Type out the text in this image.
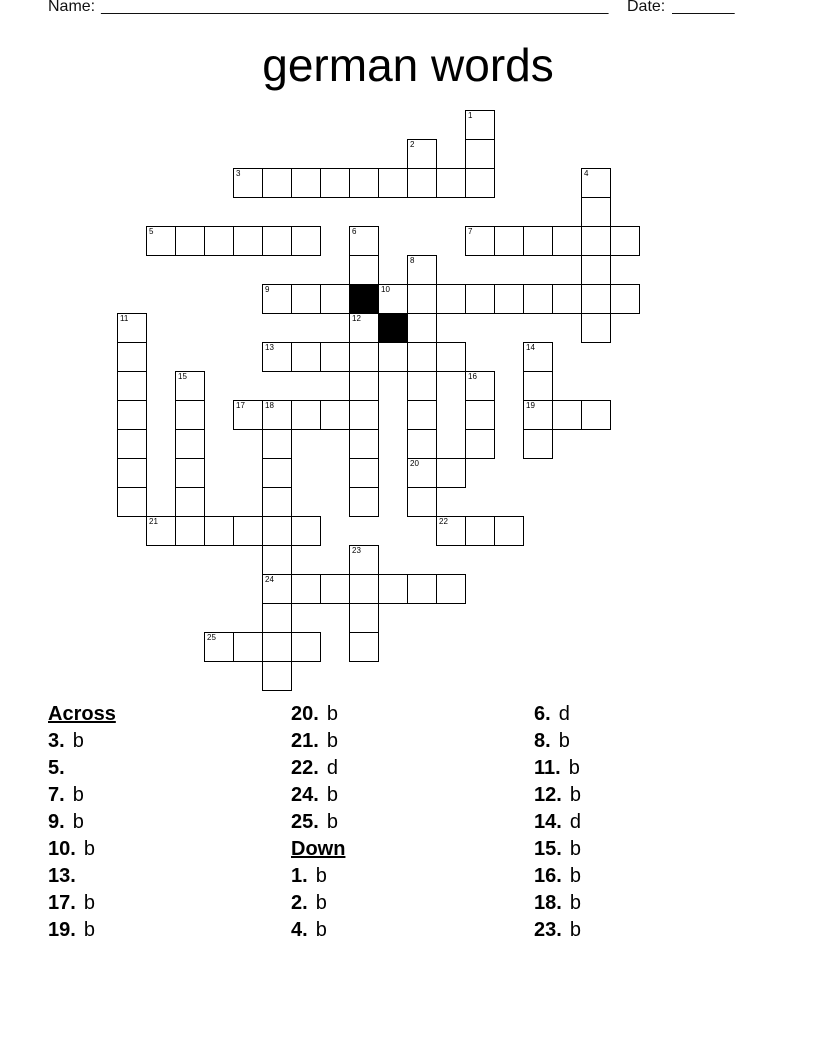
Name: _________________________________________________________ Date: _______
german words
1
2
3	4
5	6	7
8
20
9	10
11	12
13	14
19
15	16
17	18
24
21	22
23
25
Across
3 . b
5 .
7 . b
9 . b
10 . b
13 .
17 . b
19 . b
20 . b
21 . b
22 . d
24 . b
25 . b
Down
1 . b
2 . b
4 . b
6 . d
8 . b
11 . b
12 . b
14 . d
15 . b
16 . b
18 . b
23 . b
